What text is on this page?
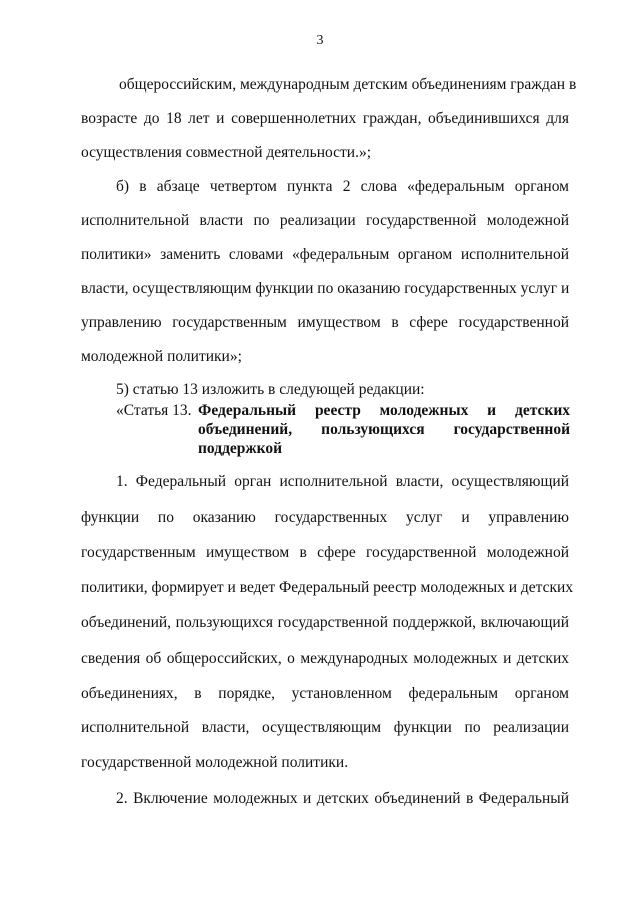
3
общероссийским, международным детским объединениям граждан в
возрасте до 18 лет и совершеннолетних граждан, объединившихся для
осуществления совместной деятельности.»;
б) в абзаце четвертом пункта 2 слова «федеральным органом
исполнительной власти по реализации государственной молодежной
политики» заменить словами «федеральным органом исполнительной
власти, осуществляющим функции по оказанию государственных услуг и
управлению государственным имуществом в сфере государственной
молодежной политики»;
5) статью 13 изложить в следующей редакции:
«Статья 13. Федеральный реестр молодежных и детских
объединений, пользующихся государственной
поддержкой
1. Федеральный орган исполнительной власти, осуществляющий
функции по оказанию государственных услуг и управлению
государственным имуществом в сфере государственной молодежной
политики, формирует и ведет Федеральный реестр молодежных и детских
объединений, пользующихся государственной поддержкой, включающий
сведения об общероссийских, о международных молодежных и детских
объединениях, в порядке, установленном федеральным органом
исполнительной власти, осуществляющим функции по реализации
государственной молодежной политики.
2. Включение молодежных и детских объединений в Федеральный
